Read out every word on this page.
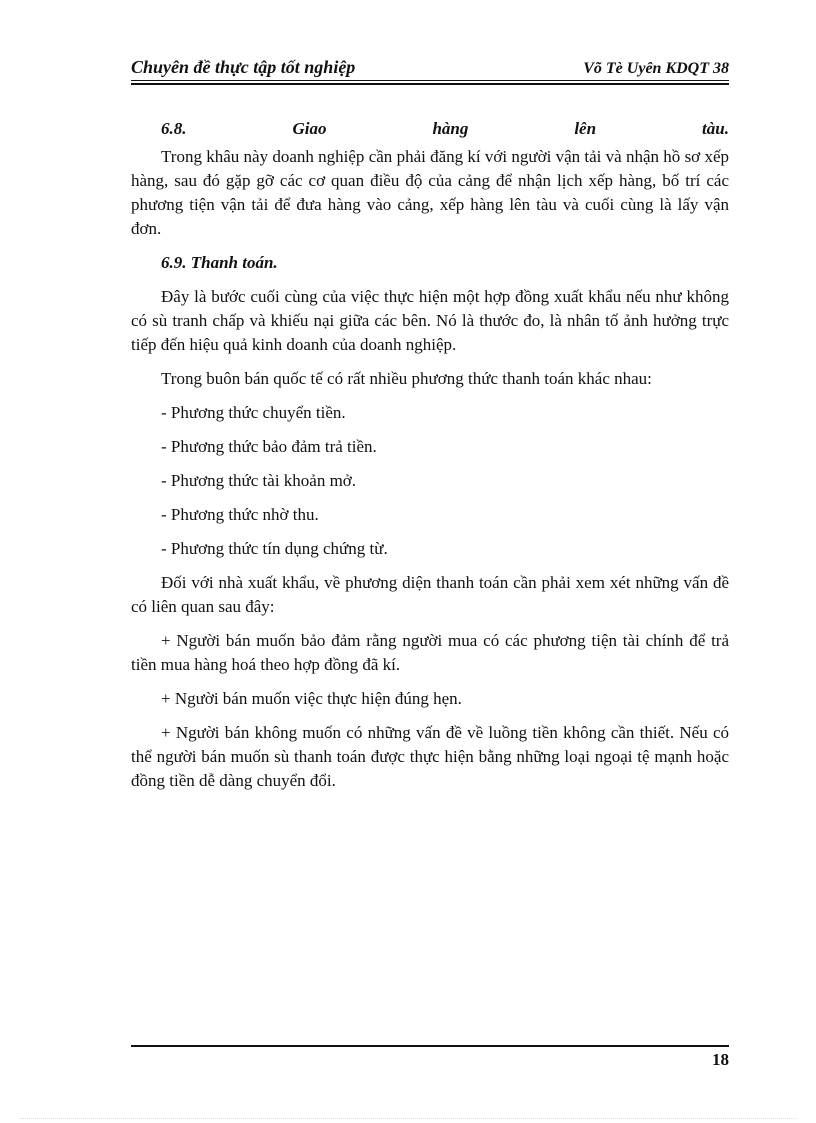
Chuyên đề thực tập tốt nghiệp	Võ Tè Uyên KDQT 38
6.8.	Giao	hàng	lên	tàu.

Trong khâu này doanh nghiệp cần phải đăng kí với người vận tải và nhận hồ sơ xếp hàng, sau đó gặp gỡ các cơ quan điều độ của cảng để nhận lịch xếp hàng, bố trí các phương tiện vận tải để đưa hàng vào cảng, xếp hàng lên tàu và cuối cùng là lấy vận đơn.

6.9. Thanh toán.

Đây là bước cuối cùng của việc thực hiện một hợp đồng xuất khẩu nếu như không có sù tranh chấp và khiếu nại giữa các bên. Nó là thước đo, là nhân tố ảnh hưởng trực tiếp đến hiệu quả kinh doanh của doanh nghiệp.

Trong buôn bán quốc tế có rất nhiều phương thức thanh toán khác nhau:

- Phương thức chuyển tiền.

- Phương thức bảo đảm trả tiền.

- Phương thức tài khoản mở.

- Phương thức nhờ thu.

- Phương thức tín dụng chứng từ.

Đối với nhà xuất khẩu, về phương diện thanh toán cần phải xem xét những vấn đề có liên quan sau đây:

+ Người bán muốn bảo đảm rằng người mua có các phương tiện tài chính để trả tiền mua hàng hoá theo hợp đồng đã kí.

+ Người bán muốn việc thực hiện đúng hẹn.

+ Người bán không muốn có những vấn đề về luồng tiền không cần thiết. Nếu có thể người bán muốn sù thanh toán được thực hiện bằng những loại ngoại tệ mạnh hoặc đồng tiền dễ dàng chuyển đổi.

18
